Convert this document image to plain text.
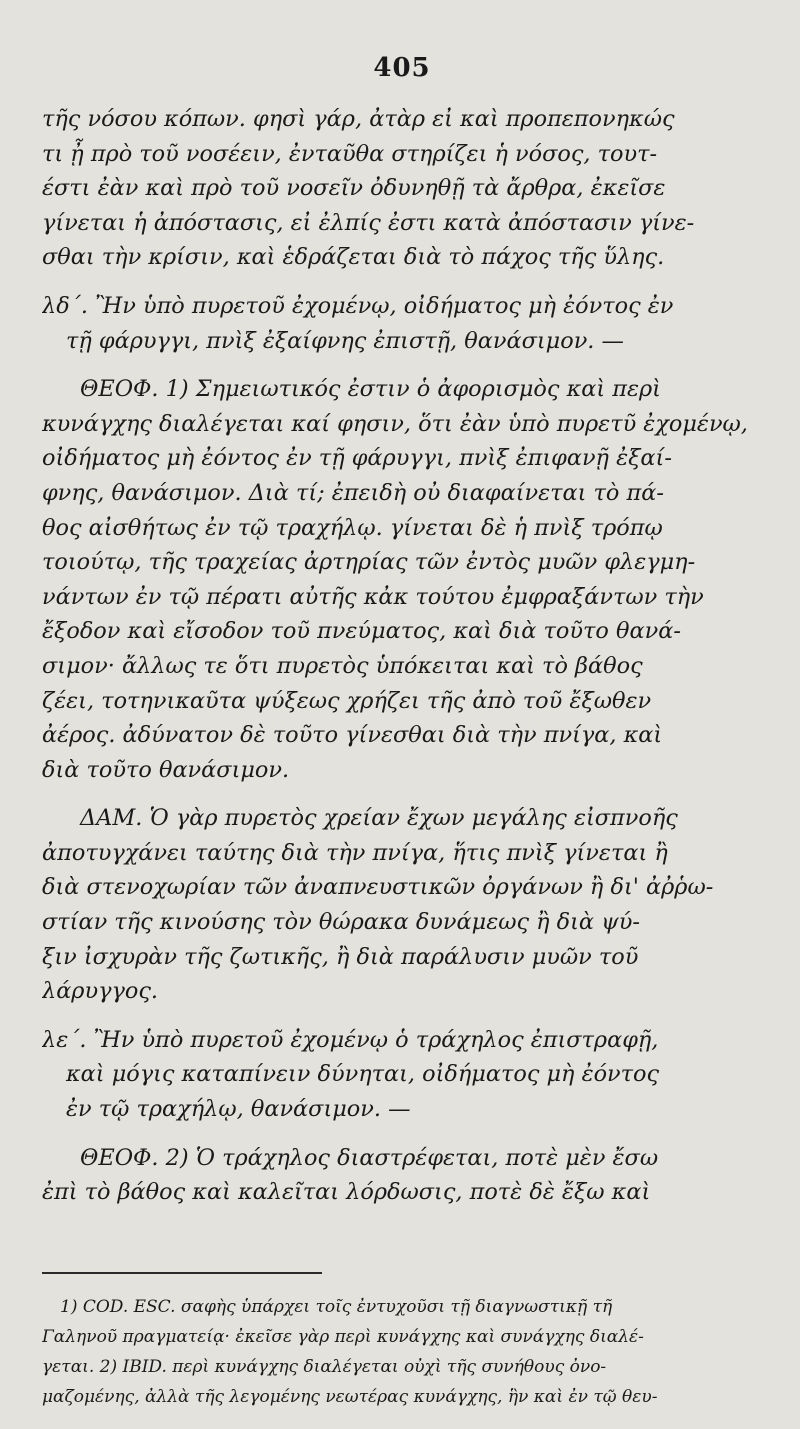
405
τῆς νόσου κόπων. φησὶ γάρ, ἀτὰρ εἰ καὶ προπεπονηκώς
τι ᾖ πρὸ τοῦ νοσέειν, ἐνταῦθα στηρίζει ἡ νόσος, τουτ-
έστι ἐὰν καὶ πρὸ τοῦ νοσεῖν ὀδυνηθῇ τὰ ἄρθρα, ἐκεῖσε
γίνεται ἡ ἀπόστασις, εἰ ἐλπίς ἐστι κατὰ ἀπόστασιν γίνε-
σθαι τὴν κρίσιν, καὶ ἑδράζεται διὰ τὸ πάχος τῆς ὕλης.
λδ΄. Ἢν ὑπὸ πυρετοῦ ἐχομένῳ, οἰδήματος μὴ ἐόντος ἐν
τῇ φάρυγγι, πνὶξ ἐξαίφνης ἐπιστῇ, θανάσιμον. —
ΘΕΟΦ. 1) Σημειωτικός ἐστιν ὁ ἀφορισμὸς καὶ περὶ
κυνάγχης διαλέγεται καί φησιν, ὅτι ἐὰν ὑπὸ πυρετῦ ἐχομένῳ,
οἰδήματος μὴ ἐόντος ἐν τῇ φάρυγγι, πνὶξ ἐπιφανῇ ἐξαί-
φνης, θανάσιμον. Διὰ τί; ἐπειδὴ οὐ διαφαίνεται τὸ πά-
θος αἰσθήτως ἐν τῷ τραχήλῳ. γίνεται δὲ ἡ πνὶξ τρόπῳ
τοιούτῳ, τῆς τραχείας ἀρτηρίας τῶν ἐντὸς μυῶν φλεγμη-
νάντων ἐν τῷ πέρατι αὐτῆς κἀκ τούτου ἐμφραξάντων τὴν
ἔξοδον καὶ εἴσοδον τοῦ πνεύματος, καὶ διὰ τοῦτο θανά-
σιμον· ἄλλως τε ὅτι πυρετὸς ὑπόκειται καὶ τὸ βάθος
ζέει, τοτηνικαῦτα ψύξεως χρήζει τῆς ἀπὸ τοῦ ἔξωθεν
ἀέρος. ἀδύνατον δὲ τοῦτο γίνεσθαι διὰ τὴν πνίγα, καὶ
διὰ τοῦτο θανάσιμον.
ΔΑΜ. Ὁ γὰρ πυρετὸς χρείαν ἔχων μεγάλης εἰσπνοῆς
ἀποτυγχάνει ταύτης διὰ τὴν πνίγα, ἥτις πνὶξ γίνεται ἢ
διὰ στενοχωρίαν τῶν ἀναπνευστικῶν ὀργάνων ἢ δι' ἀῤῥω-
στίαν τῆς κινούσης τὸν θώρακα δυνάμεως ἢ διὰ ψύ-
ξιν ἰσχυρὰν τῆς ζωτικῆς, ἢ διὰ παράλυσιν μυῶν τοῦ
λάρυγγος.
λε΄. Ἢν ὑπὸ πυρετοῦ ἐχομένῳ ὁ τράχηλος ἐπιστραφῇ,
καὶ μόγις καταπίνειν δύνηται, οἰδήματος μὴ ἐόντος
ἐν τῷ τραχήλῳ, θανάσιμον. —
ΘΕΟΦ. 2) Ὁ τράχηλος διαστρέφεται, ποτὲ μὲν ἔσω
ἐπὶ τὸ βάθος καὶ καλεῖται λόρδωσις, ποτὲ δὲ ἔξω καὶ
1) COD. ESC. σαφὴς ὑπάρχει τοῖς ἐντυχοῦσι τῇ διαγνωστικῇ τῆ
Γαληνοῦ πραγματείᾳ· ἐκεῖσε γὰρ περὶ κυνάγχης καὶ συνάγχης διαλέ-
γεται. 2) IBID. περὶ κυνάγχης διαλέγεται οὐχὶ τῆς συνήθους ὀνο-
μαζομένης, ἀλλὰ τῆς λεγομένης νεωτέρας κυνάγχης, ἣν καὶ ἐν τῷ θευ-
